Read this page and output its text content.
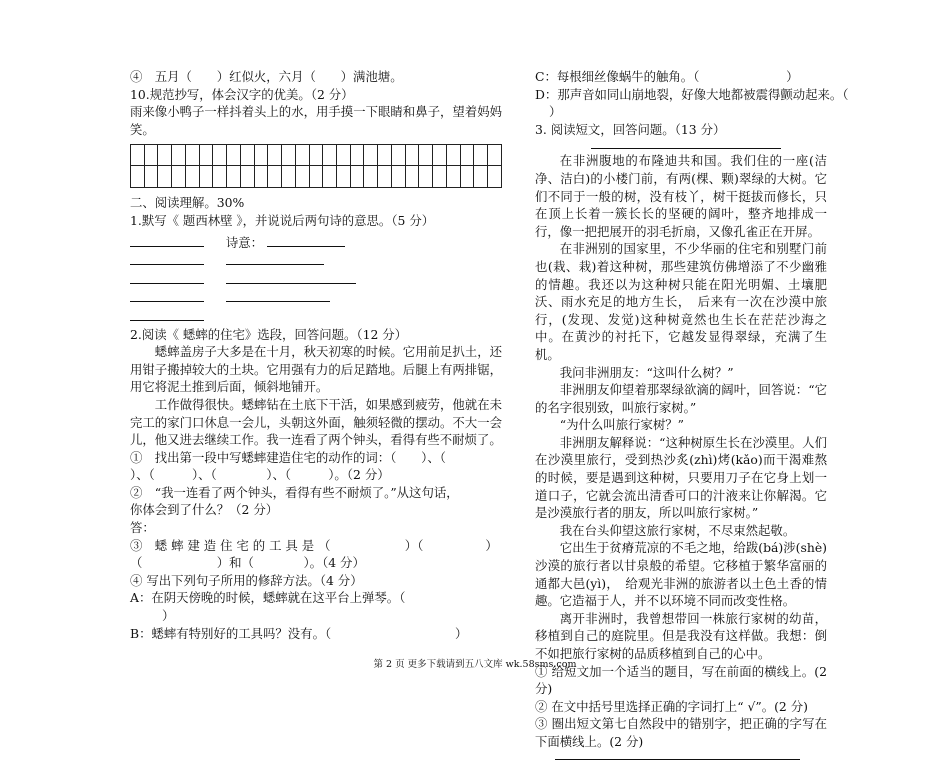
④　五月（　　）红似火，六月（　　）满池塘。
10.规范抄写，体会汉字的优美。（2 分）
雨来像小鸭子一样抖着头上的水，用手摸一下眼睛和鼻子，望着妈妈笑。
二、阅读理解。30%
1.默写《 题西林壁 》，并说说后两句诗的意思。（5 分）
诗意：

2.阅读《 蟋蟀的住宅》选段，回答问题。（12 分）
蟋蟀盖房子大多是在十月，秋天初寒的时候。它用前足扒土，还用钳子搬掉较大的土块。它用强有力的后足踏地。后腿上有两排锯，用它将泥土推到后面，倾斜地铺开。
工作做得很快。蟋蟀钻在土底下干活，如果感到疲劳，他就在未完工的家门口休息一会儿，头朝这外面，触须轻微的摆动。不大一会儿，他又进去继续工作。我一连看了两个钟头，看得有些不耐烦了。
①　找出第一段中写蟋蟀建造住宅的动作的词：（　　）、（
）、（　　　）、（　　　　）、（　　　）。（2 分）
②　“我一连看了两个钟头，看得有些不耐烦了。”从这句话，
你体会到了什么？（2 分）
答：
③　蟋 蟀 建 造 住 宅 的 工 具 是 （　　　　　　）（　　　　　）
（　　　　　　）和（　　　　）。（4 分）
④ 写出下列句子所用的修辞方法。（4 分）
A：在阴天傍晚的时候，蟋蟀就在这平台上弹琴。（
）
B：蟋蟀有特别好的工具吗？没有。（　　　　　　　　　　）
C：每根细丝像蜗牛的触角。（　　　　　　　）
D：那声音如同山崩地裂，好像大地都被震得颤动起来。（
）
3. 阅读短文，回答问题。（13 分）
在非洲腹地的布隆迪共和国。我们住的一座(洁净、洁白)的小楼门前，有两(棵、颗)翠绿的大树。它们不同于一般的树，没有枝丫，树干挺拔而修长，只在顶上长着一簇长长的坚硬的阔叶，整齐地排成一行，像一把把展开的羽毛折扇，又像孔雀正在开屏。
在非洲别的国家里，不少华丽的住宅和别墅门前也(栽、栽)着这种树，那些建筑仿佛增添了不少幽雅的情趣。我还以为这种树只能在阳光明媚、土壤肥沃、雨水充足的地方生长，　后来有一次在沙漠中旅行，(发现、发觉)这种树竟然也生长在茫茫沙海之中。在黄沙的衬托下，它越发显得翠绿，充满了生机。
我问非洲朋友：“这叫什么树？”
非洲朋友仰望着那翠绿欲滴的阔叶，回答说：“它的名字很别致，叫旅行家树。”
“为什么叫旅行家树？”
非洲朋友解释说：“这种树原生长在沙漠里。人们在沙漠里旅行，受到热沙炙(zhì)烤(kǎo)而干渴难熬的时候，要是遇到这种树，只要用刀子在它身上划一道口子，它就会流出清香可口的汁液来让你解渴。它是沙漠旅行者的朋友，所以叫旅行家树。”
我在台头仰望这旅行家树，不尽束然起敬。
它出生于贫瘠荒凉的不毛之地，给跋(bá)涉(shè) 沙漠的旅行者以甘泉般的希望。它移植于繁华富丽的通都大邑(yì)，　给观光非洲的旅游者以土色土香的情趣。它造福于人，并不以环境不同而改变性格。
离开非洲时，我曾想带回一株旅行家树的幼苗，移植到自己的庭院里。但是我没有这样做。我想：倒不如把旅行家树的品质移植到自己的心中。
① 给短文加一个适当的题目，写在前面的横线上。(2 分)
② 在文中括号里选择正确的字词打上“ √”。(2 分)
③ 圈出短文第七自然段中的错别字，把正确的字写在下面横线上。(2 分)
第 2 页 更多下载请到五八文库 wk.58sms.com
